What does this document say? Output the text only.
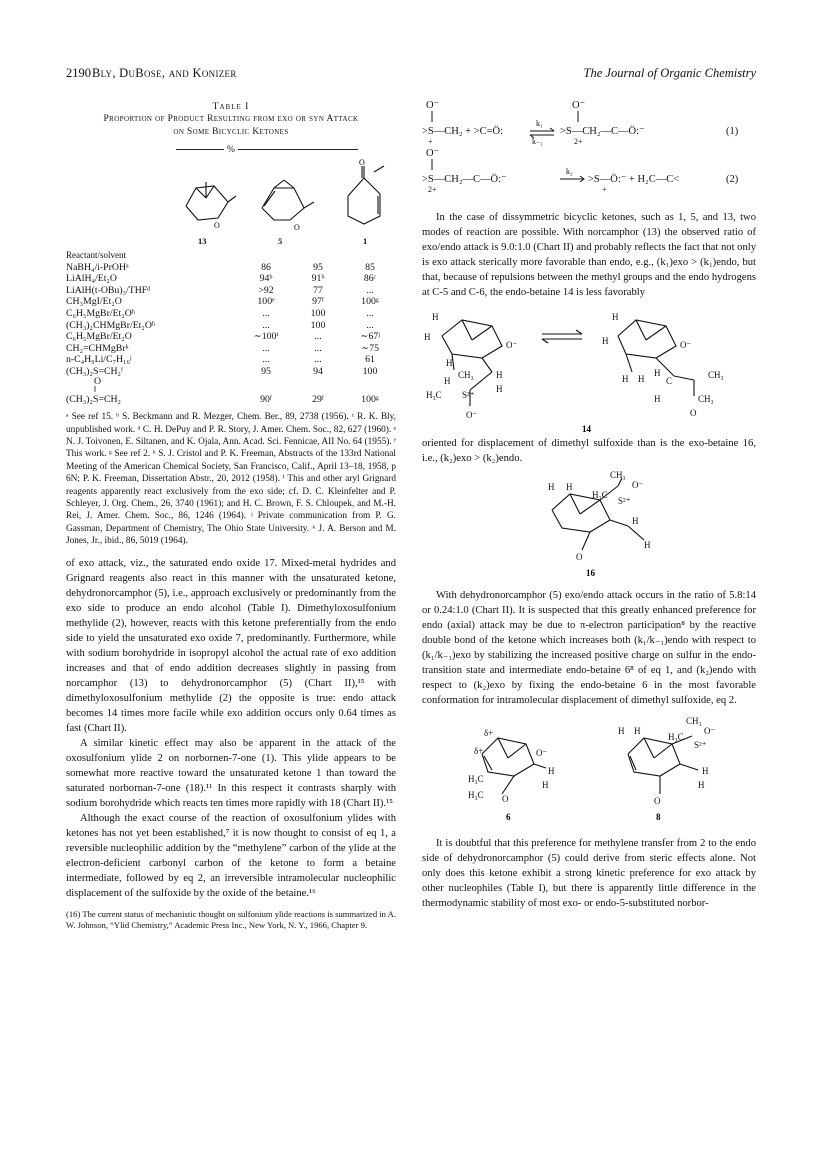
2190 Bly, DuBose, and Konizer	The Journal of Organic Chemistry
Table I
Proportion of Product Resulting from exo or syn Attack
on Some Bicyclic Ketones
%
O
13
O
5
O
1
Reactant/solvent			
NaBH₄/i-PrOHᵃ	86	95	85
LiAlH₄/Et₂O	94ᵇ	91ᵇ	86ᶜ
LiAlH(t-OBu)₃/THFᵈ	>92	77	...
CH₃MgI/Et₂O	100ᵉ	97ᶠ	100ᵍ
C₆H₅MgBr/Et₂Oʰ	...	100	...
(CH₃)₂CHMgBr/Et₂Oʰ	...	100	...
C₆H₅MgBr/Et₂O	∼100ⁱ	...	∼67ʲ
CH₂=CHMgBrᵏ	...	...	∼75
n-C₄H₉Li/C₇H₁₆ʲ	...	...	61
(CH₃)₂S=CH₂ᶠ	95	94	100
O
‖			
(CH₃)₂S=CH₂	90ᶠ	29ᶠ	100ᵍ
ᵃ See ref 15. ᵇ S. Beckmann and R. Mezger, Chem. Ber., 89, 2738 (1956). ᶜ R. K. Bly, unpublished work. ᵈ C. H. DePuy and P. R. Story, J. Amer. Chem. Soc., 82, 627 (1960). ᵉ N. J. Toivonen, E. Siltanen, and K. Ojala, Ann. Acad. Sci. Fennicae, AII No. 64 (1955). ᶠ This work. ᵍ See ref 2. ʰ S. J. Cristol and P. K. Freeman, Abstracts of the 133rd National Meeting of the American Chemical Society, San Francisco, Calif., April 13–18, 1958, p 6N; P. K. Freeman, Dissertation Abstr., 20, 2012 (1958). ⁱ This and other aryl Grignard reagents apparently react exclusively from the exo side; cf. D. C. Kleinfelter and P. Schleyer, J. Org. Chem., 26, 3740 (1961); and H. C. Brown, F. S. Chloupek, and M.-H. Rei, J. Amer. Chem. Soc., 86, 1246 (1964). ʲ Private communication from P. G. Gassman, Department of Chemistry, The Ohio State University. ᵏ J. A. Berson and M. Jones, Jr., ibid., 86, 5019 (1964).

of exo attack, viz., the saturated endo oxide 17. Mixed-metal hydrides and Grignard reagents also react in this manner with the unsaturated ketone, dehydronorcamphor (5), i.e., approach exclusively or predominantly from the exo side to produce an endo alcohol (Table I). Dimethyloxosulfonium methylide (2), however, reacts with this ketone preferentially from the endo side to yield the unsaturated exo oxide 7, predominantly. Furthermore, while with sodium borohydride in isopropyl alcohol the actual rate of exo addition increases and that of endo addition decreases slightly in passing from norcamphor (13) to dehydronorcamphor (5) (Chart II),¹⁵ with dimethyloxosulfonium methylide (2) the opposite is true: endo attack becomes 14 times more facile while exo addition occurs only 0.64 times as fast (Chart II).

A similar kinetic effect may also be apparent in the attack of the oxosulfonium ylide 2 on norbornen-7-one (1). This ylide appears to be somewhat more reactive toward the unsaturated ketone 1 than toward the saturated norbornan-7-one (18).¹¹ In this respect it contrasts sharply with sodium borohydride which reacts ten times more rapidly with 18 (Chart II).¹⁵

Although the exact course of the reaction of oxosulfonium ylides with ketones has not yet been established,⁷ it is now thought to consist of eq 1, a reversible nucleophilic addition by the “methylene” carbon of the ylide at the electron-deficient carbonyl carbon of the ketone to form a betaine intermediate, followed by eq 2, an irreversible intramolecular nucleophilic displacement of the sulfoxide by the oxide of the betaine.¹⁶

(16) The current status of mechanistic thought on sulfonium ylide reactions is summarized in A. W. Johnson, “Ylid Chemistry,” Academic Press Inc., New York, N. Y., 1966, Chapter 9.
O⁻
>S—CH₂ + >C=Ö:
+
k₁
k₋₁
O⁻
>S—CH₂—C—Ö:⁻
2+
(1)
O⁻
>S—CH₂—C—Ö:⁻
2+
k₂
>S—Ö:⁻ + H₂C—C<
+
(2)

In the case of dissymmetric bicyclic ketones, such as 1, 5, and 13, two modes of reaction are possible. With norcamphor (13) the observed ratio of exo/endo attack is 9.0:1.0 (Chart II) and probably reflects the fact that not only is exo attack sterically more favorable than endo, e.g., (k₁)exo > (k₁)endo, but that, because of repulsions between the methyl groups and the endo hydrogens at C-5 and C-6, the endo-betaine 14 is less favorably

H
H
H
O⁻
H
CH₃ H
H
H₃C S²⁺
O⁻
H
H	O⁻
H H
H
C
CH₃
H	CH₃
O
14

oriented for displacement of dimethyl sulfoxide than is the exo-betaine 16, i.e., (k₂)exo > (k₂)endo.

CH₃
H H
H₃C
O⁻
S²⁺
H
H
O
16

With dehydronorcamphor (5) exo/endo attack occurs in the ratio of 5.8:14 or 0.24:1.0 (Chart II). It is suspected that this greatly enhanced preference for endo (axial) attack may be due to π-electron participation⁸ by the reactive double bond of the ketone which increases both (k₁/k₋₁)endo with respect to (k₁/k₋₁)exo by stabilizing the increased positive charge on sulfur in the endo-transition state and intermediate endo-betaine 6⁸ of eq 1, and (k₂)endo with respect to (k₂)exo by fixing the endo-betaine 6 in the most favorable conformation for intramolecular displacement of dimethyl sulfoxide, eq 2.

δ+
δ+	O⁻
H₃C
H₃C
H
H
O
CH₃
H H
H₃C
O⁻
S²⁺
H
H
O
6	8

It is doubtful that this preference for methylene transfer from 2 to the endo side of dehydronorcamphor (5) could derive from steric effects alone. Not only does this ketone exhibit a strong kinetic preference for exo attack by other nucleophiles (Table I), but there is apparently little difference in the thermodynamic stability of most exo- or endo-5-substituted norbor-
